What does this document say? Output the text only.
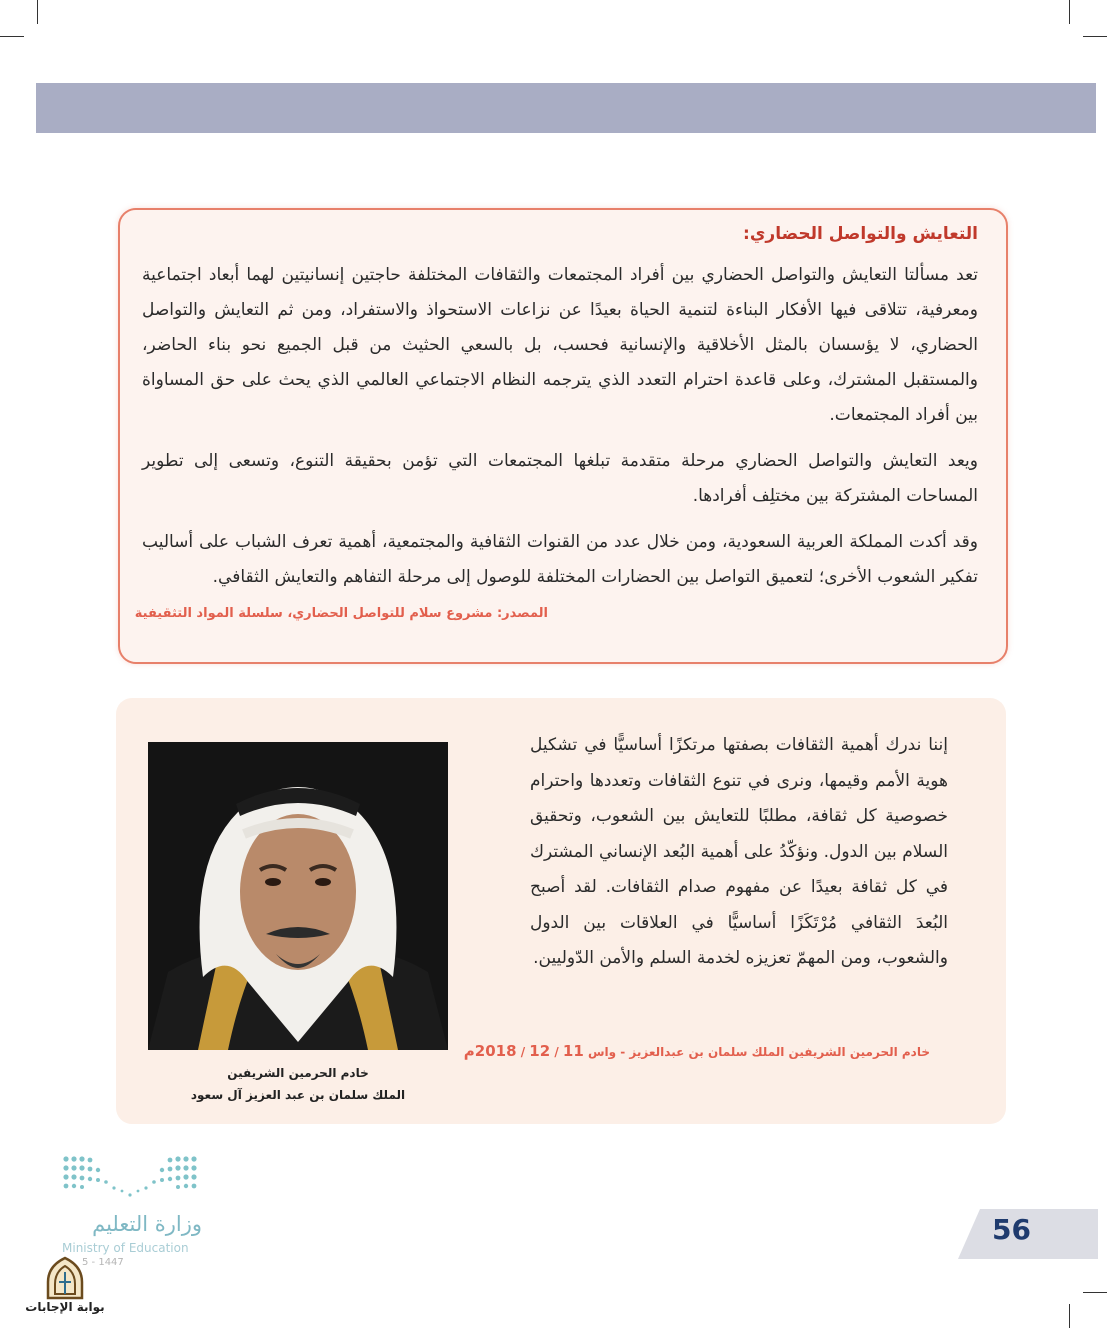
التعايش والتواصل الحضاري:

تعد مسألتا التعايش والتواصل الحضاري بين أفراد المجتمعات والثقافات المختلفة حاجتين إنسانيتين لهما أبعاد اجتماعية ومعرفية، تتلاقى فيها الأفكار البناءة لتنمية الحياة بعيدًا عن نزاعات الاستحواذ والاستفراد، ومن ثم التعايش والتواصل الحضاري، لا يؤسسان بالمثل الأخلاقية والإنسانية فحسب، بل بالسعي الحثيث من قبل الجميع نحو بناء الحاضر، والمستقبل المشترك، وعلى قاعدة احترام التعدد الذي يترجمه النظام الاجتماعي العالمي الذي يحث على حق المساواة بين أفراد المجتمعات.

ويعد التعايش والتواصل الحضاري مرحلة متقدمة تبلغها المجتمعات التي تؤمن بحقيقة التنوع، وتسعى إلى تطوير المساحات المشتركة بين مختلِف أفرادها.

وقد أكدت المملكة العربية السعودية، ومن خلال عدد من القنوات الثقافية والمجتمعية، أهمية تعرف الشباب على أساليب تفكير الشعوب الأخرى؛ لتعميق التواصل بين الحضارات المختلفة للوصول إلى مرحلة التفاهم والتعايش الثقافي.

المصدر: مشروع سلام للتواصل الحضاري، سلسلة المواد التثقيفية
خادم الحرمين الشريفين
الملك سلمان بن عبد العزيز آل سعود

إننا ندرك أهمية الثقافات بصفتها مرتكزًا أساسيًّا في تشكيل هوية الأمم وقيمها، ونرى في تنوع الثقافات وتعددها واحترام خصوصية كل ثقافة، مطلبًا للتعايش بين الشعوب، وتحقيق السلام بين الدول. ونؤكّدُ على أهمية البُعد الإنساني المشترك في كل ثقافة بعيدًا عن مفهوم صدام الثقافات. لقد أصبح البُعدَ الثقافي مُرْتَكَزًا أساسيًّا في العلاقات بين الدول والشعوب، ومن المهمّ تعزيزه لخدمة السلم والأمن الدّوليين.

خادم الحرمين الشريفين الملك سلمان بن عبدالعزيز - واس 11 / 12 / 2018م
وزارة التعليم
Ministry of Education
5 - 1447
بوابة الإجابات
56
